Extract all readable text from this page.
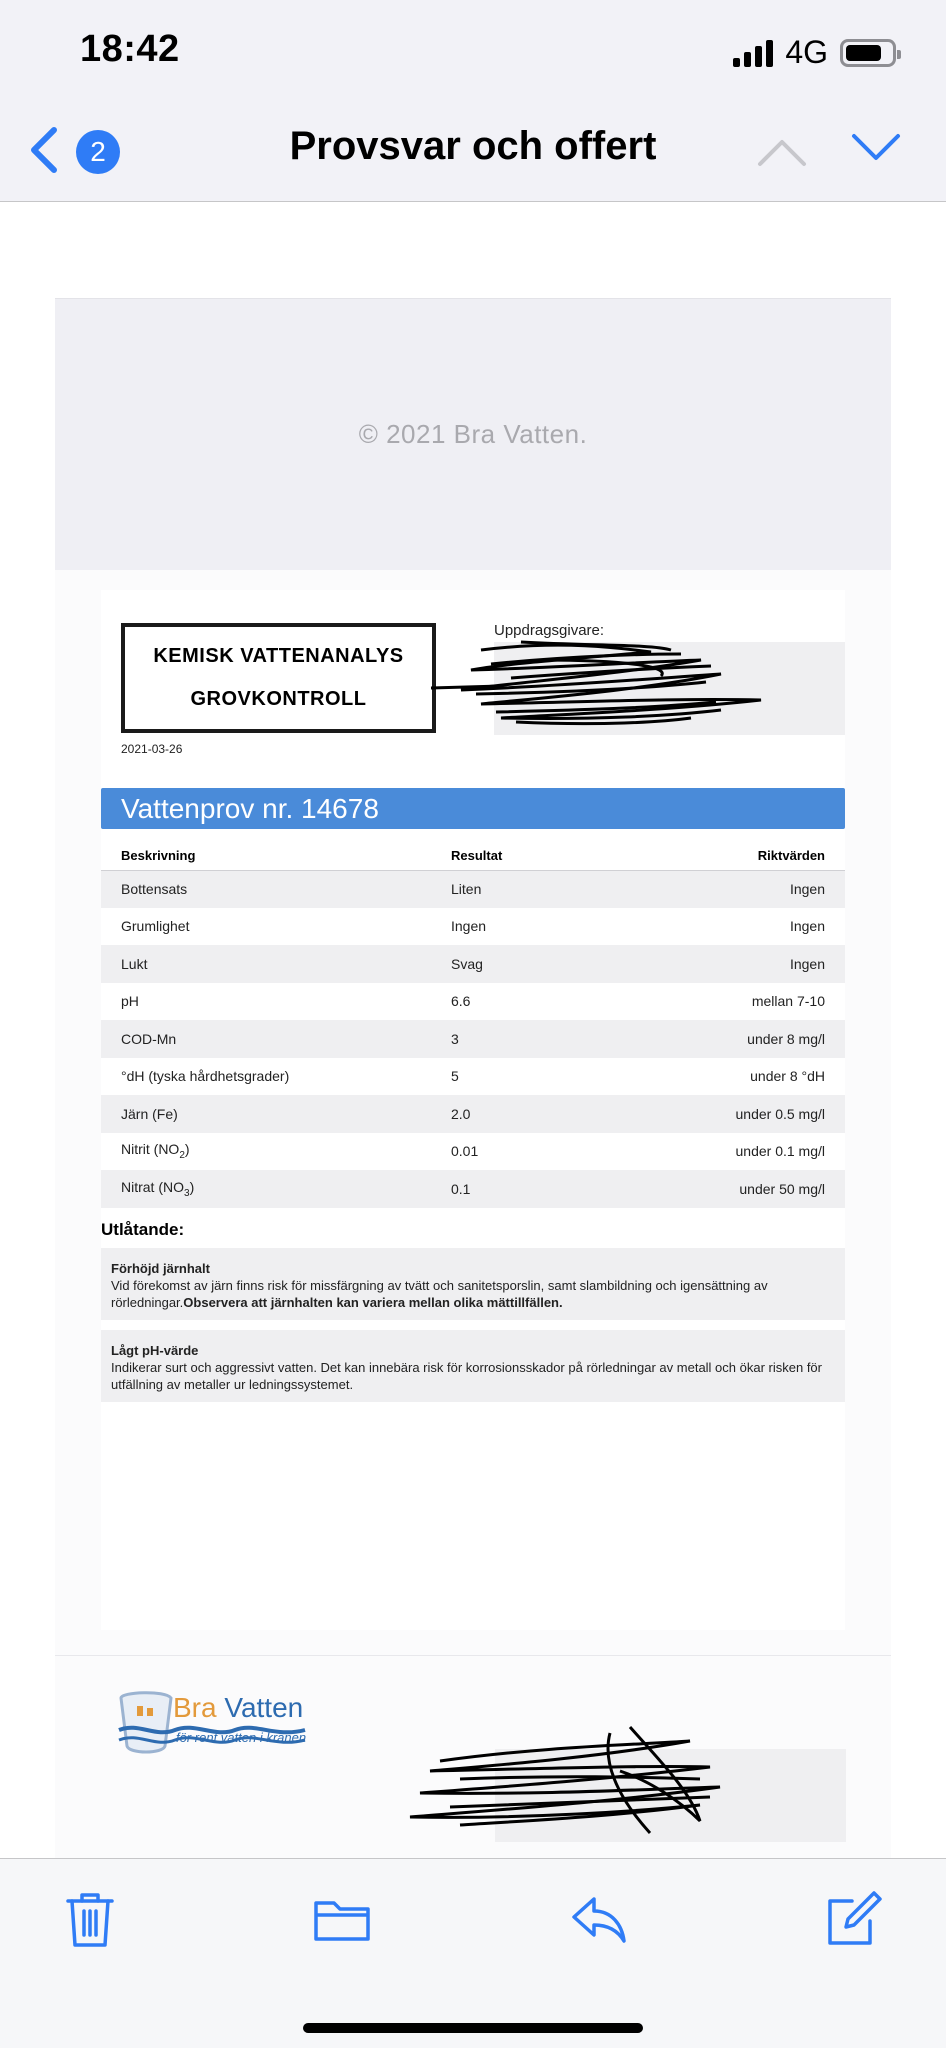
18:42	4G
2	Provsvar och offert
© 2021 Bra Vatten.
KEMISK VATTENANALYS
GROVKONTROLL
Uppdragsgivare:
2021-03-26
Vattenprov nr. 14678
Beskrivning	Resultat	Riktvärden
Bottensats	Liten	Ingen
Grumlighet	Ingen	Ingen
Lukt	Svag	Ingen
pH	6.6	mellan 7-10
COD-Mn	3	under 8 mg/l
°dH (tyska hårdhetsgrader)	5	under 8 °dH
Järn (Fe)	2.0	under 0.5 mg/l
Nitrit $(NO_2)$	0.01	under 0.1 mg/l
Nitrat $(NO_3)$	0.1	under 50 mg/l
Utlåtande:
Förhöjd järnhalt
Vid förekomst av järn finns risk för missfärgning av tvätt och sanitetsporslin, samt slambildning och igensättning av rörledningar.Observera att järnhalten kan variera mellan olika mättillfällen.
Lågt pH-värde
Indikerar surt och aggressivt vatten. Det kan innebära risk för korrosionsskador på rörledningar av metall och ökar risken för utfällning av metaller ur ledningssystemet.
Bra Vatten
för rent vatten i kranen
